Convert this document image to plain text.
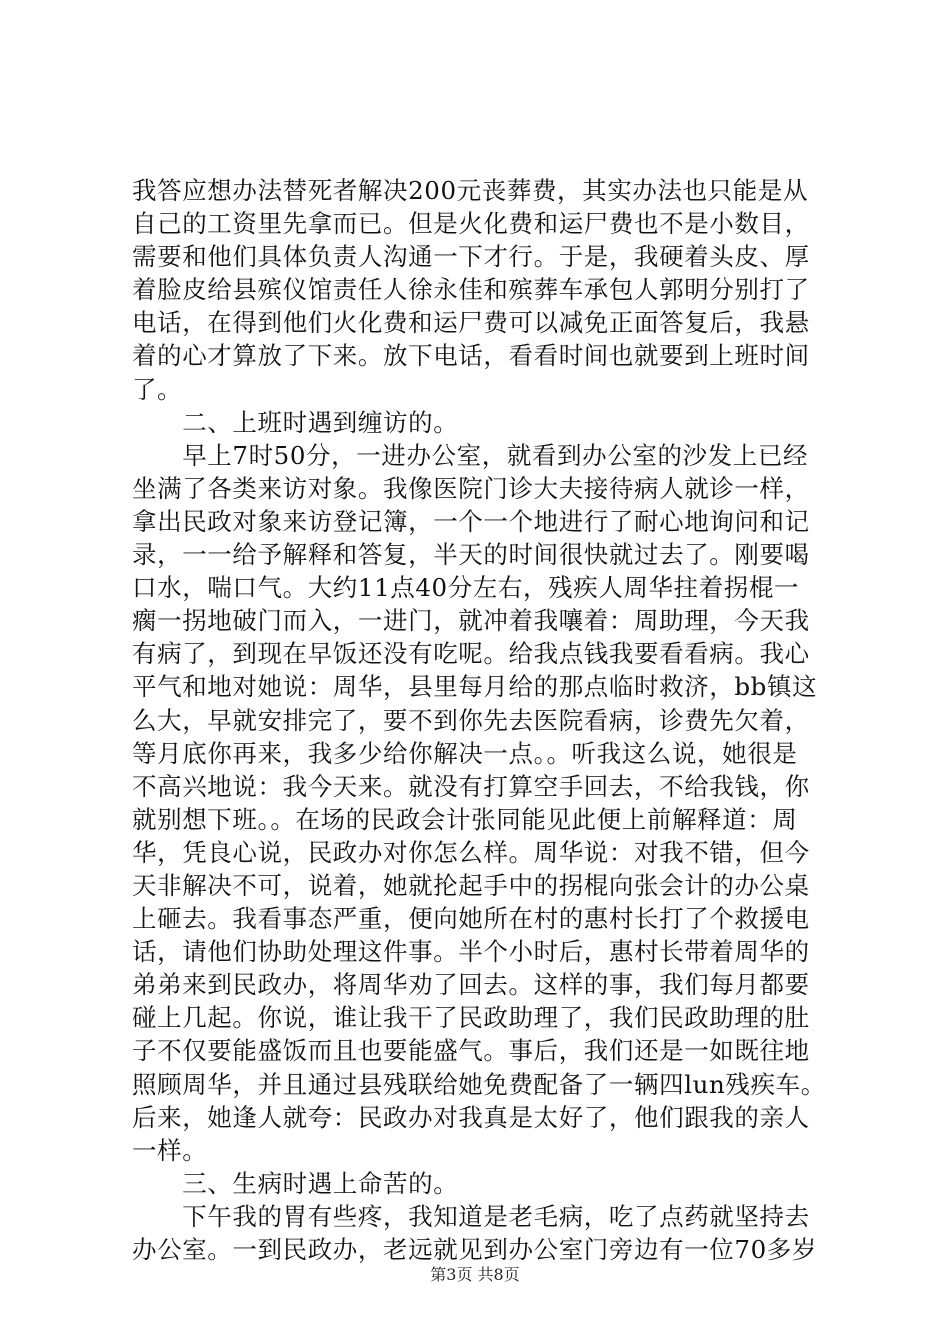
我答应想办法替死者解决200元丧葬费，其实办法也只能是从
自己的工资里先拿而已。但是火化费和运尸费也不是小数目，
需要和他们具体负责人沟通一下才行。于是，我硬着头皮、厚
着脸皮给县殡仪馆责任人徐永佳和殡葬车承包人郭明分别打了
电话，在得到他们火化费和运尸费可以减免正面答复后，我悬
着的心才算放了下来。放下电话，看看时间也就要到上班时间
了。
　　二、上班时遇到缠访的。
　　早上7时50分，一进办公室，就看到办公室的沙发上已经
坐满了各类来访对象。我像医院门诊大夫接待病人就诊一样，
拿出民政对象来访登记簿，一个一个地进行了耐心地询问和记
录，一一给予解释和答复，半天的时间很快就过去了。刚要喝
口水，喘口气。大约11点40分左右，残疾人周华拄着拐棍一
瘸一拐地破门而入，一进门，就冲着我嚷着：周助理，今天我
有病了，到现在早饭还没有吃呢。给我点钱我要看看病。我心
平气和地对她说：周华，县里每月给的那点临时救济，bb镇这
么大，早就安排完了，要不到你先去医院看病，诊费先欠着，
等月底你再来，我多少给你解决一点。。听我这么说，她很是
不高兴地说：我今天来。就没有打算空手回去，不给我钱，你
就别想下班。。在场的民政会计张同能见此便上前解释道：周
华，凭良心说，民政办对你怎么样。周华说：对我不错，但今
天非解决不可，说着，她就抡起手中的拐棍向张会计的办公桌
上砸去。我看事态严重，便向她所在村的惠村长打了个救援电
话，请他们协助处理这件事。半个小时后，惠村长带着周华的
弟弟来到民政办，将周华劝了回去。这样的事，我们每月都要
碰上几起。你说，谁让我干了民政助理了，我们民政助理的肚
子不仅要能盛饭而且也要能盛气。事后，我们还是一如既往地
照顾周华，并且通过县残联给她免费配备了一辆四lun残疾车。
后来，她逢人就夸：民政办对我真是太好了，他们跟我的亲人
一样。
　　三、生病时遇上命苦的。
　　下午我的胃有些疼，我知道是老毛病，吃了点药就坚持去
办公室。一到民政办，老远就见到办公室门旁边有一位70多岁
第3页 共8页
